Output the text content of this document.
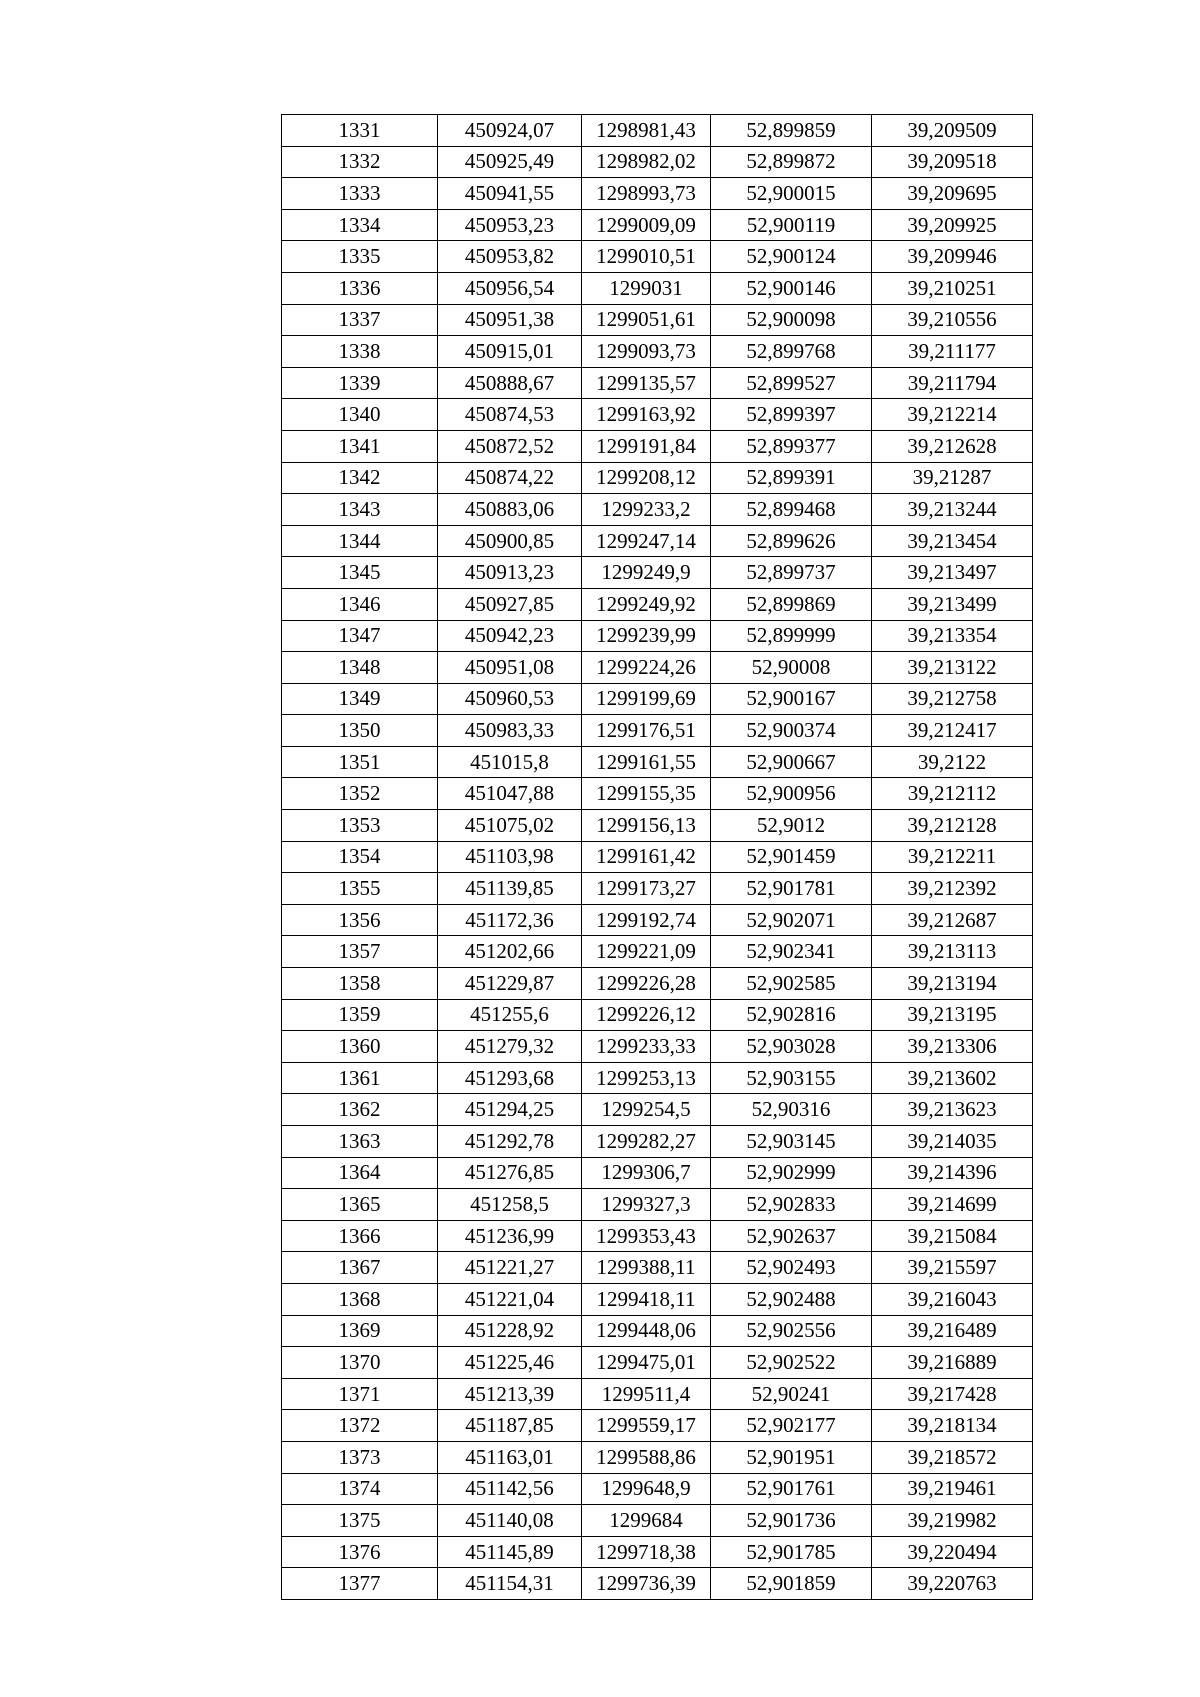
1331	450924,07	1298981,43	52,899859	39,209509
1332	450925,49	1298982,02	52,899872	39,209518
1333	450941,55	1298993,73	52,900015	39,209695
1334	450953,23	1299009,09	52,900119	39,209925
1335	450953,82	1299010,51	52,900124	39,209946
1336	450956,54	1299031	52,900146	39,210251
1337	450951,38	1299051,61	52,900098	39,210556
1338	450915,01	1299093,73	52,899768	39,211177
1339	450888,67	1299135,57	52,899527	39,211794
1340	450874,53	1299163,92	52,899397	39,212214
1341	450872,52	1299191,84	52,899377	39,212628
1342	450874,22	1299208,12	52,899391	39,21287
1343	450883,06	1299233,2	52,899468	39,213244
1344	450900,85	1299247,14	52,899626	39,213454
1345	450913,23	1299249,9	52,899737	39,213497
1346	450927,85	1299249,92	52,899869	39,213499
1347	450942,23	1299239,99	52,899999	39,213354
1348	450951,08	1299224,26	52,90008	39,213122
1349	450960,53	1299199,69	52,900167	39,212758
1350	450983,33	1299176,51	52,900374	39,212417
1351	451015,8	1299161,55	52,900667	39,2122
1352	451047,88	1299155,35	52,900956	39,212112
1353	451075,02	1299156,13	52,9012	39,212128
1354	451103,98	1299161,42	52,901459	39,212211
1355	451139,85	1299173,27	52,901781	39,212392
1356	451172,36	1299192,74	52,902071	39,212687
1357	451202,66	1299221,09	52,902341	39,213113
1358	451229,87	1299226,28	52,902585	39,213194
1359	451255,6	1299226,12	52,902816	39,213195
1360	451279,32	1299233,33	52,903028	39,213306
1361	451293,68	1299253,13	52,903155	39,213602
1362	451294,25	1299254,5	52,90316	39,213623
1363	451292,78	1299282,27	52,903145	39,214035
1364	451276,85	1299306,7	52,902999	39,214396
1365	451258,5	1299327,3	52,902833	39,214699
1366	451236,99	1299353,43	52,902637	39,215084
1367	451221,27	1299388,11	52,902493	39,215597
1368	451221,04	1299418,11	52,902488	39,216043
1369	451228,92	1299448,06	52,902556	39,216489
1370	451225,46	1299475,01	52,902522	39,216889
1371	451213,39	1299511,4	52,90241	39,217428
1372	451187,85	1299559,17	52,902177	39,218134
1373	451163,01	1299588,86	52,901951	39,218572
1374	451142,56	1299648,9	52,901761	39,219461
1375	451140,08	1299684	52,901736	39,219982
1376	451145,89	1299718,38	52,901785	39,220494
1377	451154,31	1299736,39	52,901859	39,220763
